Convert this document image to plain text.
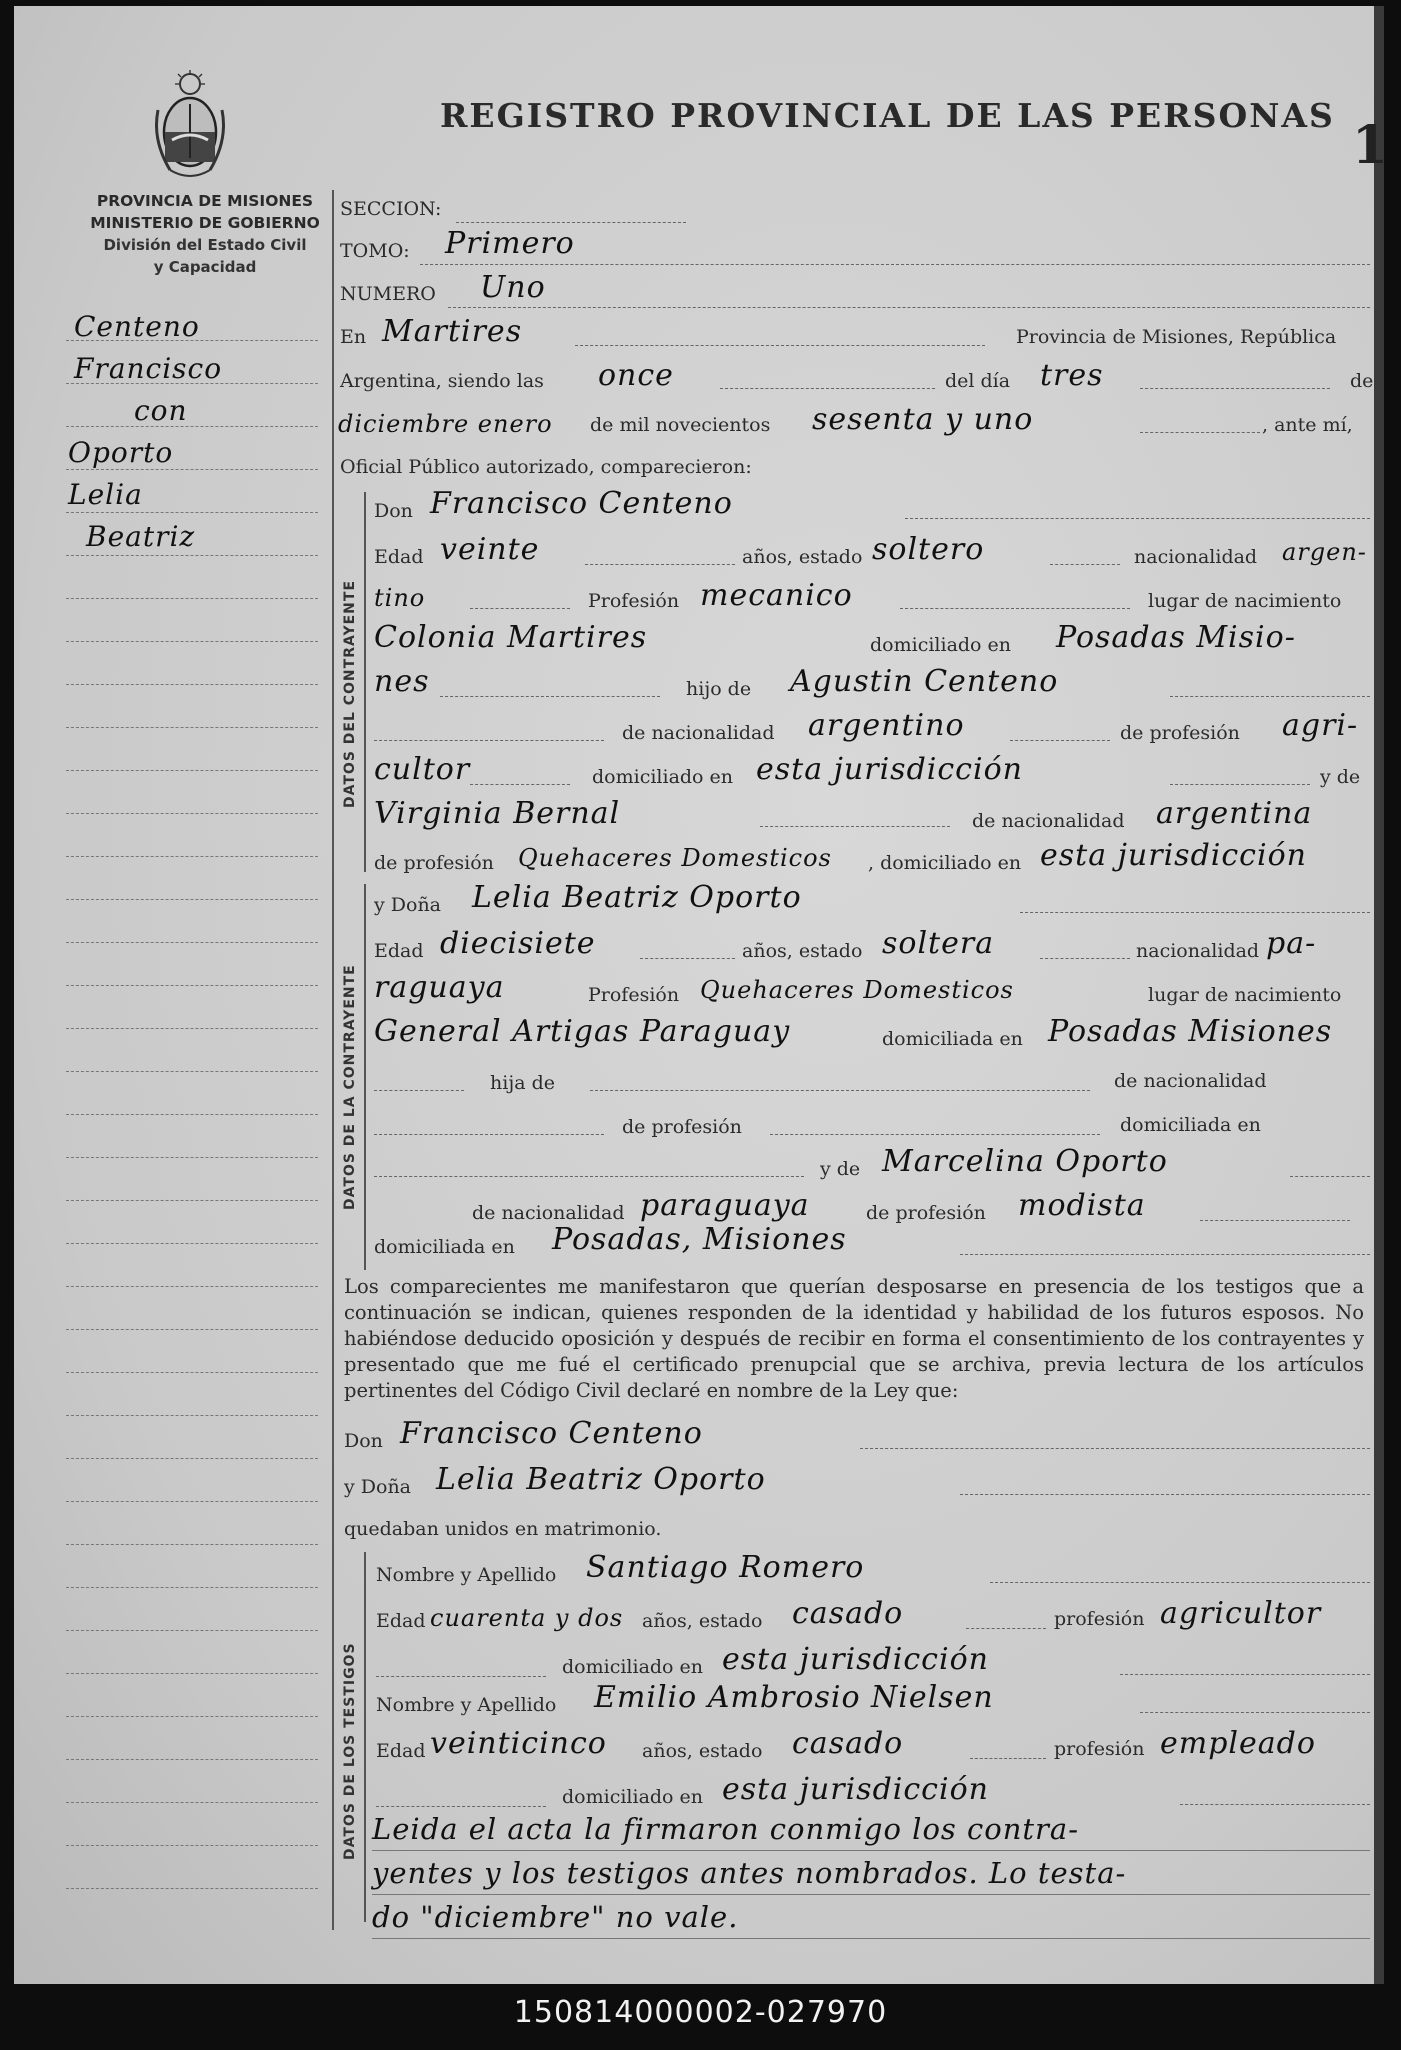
REGISTRO PROVINCIAL DE LAS PERSONAS 1
PROVINCIA DE MISIONES
MINISTERIO DE GOBIERNO
División del Estado Civil
y Capacidad
Centeno
Francisco
con
Oporto
Lelia
Beatriz
SECCION:
TOMO: Primero
NUMERO Uno
En Martires	Provincia de Misiones, República
Argentina, siendo las once	del día tres	de
diciembre enero de mil novecientos sesenta y uno	, ante mí,
Oficial Público autorizado, comparecieron:
DATOS DEL CONTRAYENTE
Don Francisco Centeno
Edad veinte	años, estado soltero	nacionalidad argen-
tino	Profesión mecanico	lugar de nacimiento
Colonia Martires	domiciliado en Posadas Misio-
nes	hijo de Agustin Centeno
de nacionalidad argentino	de profesión agri-
cultor	domiciliado en esta jurisdicción	y de
Virginia Bernal	de nacionalidad argentina
de profesión Quehaceres Domesticos , domiciliado en esta jurisdicción
DATOS DE LA CONTRAYENTE
y Doña Lelia Beatriz Oporto
Edad diecisiete	años, estado soltera	nacionalidad pa-
raguaya	Profesión Quehaceres Domesticos	lugar de nacimiento
General Artigas Paraguay	domiciliada en Posadas Misiones
hija de	de nacionalidad
de profesión	domiciliada en
y de Marcelina Oporto
de nacionalidad paraguaya	de profesión modista
domiciliada en Posadas, Misiones
Los comparecientes me manifestaron que querían desposarse en presencia de los testigos que a continuación se indican, quienes responden de la identidad y habilidad de los futuros esposos. No habiéndose deducido oposición y después de recibir en forma el consentimiento de los contrayentes y presentado que me fué el certificado prenupcial que se archiva, previa lectura de los artículos pertinentes del Código Civil declaré en nombre de la Ley que:
Don Francisco Centeno
y Doña Lelia Beatriz Oporto
quedaban unidos en matrimonio.
DATOS DE LOS TESTIGOS
Nombre y Apellido Santiago Romero
Edad cuarenta y dos años, estado casado	profesión agricultor
domiciliado en esta jurisdicción
Nombre y Apellido Emilio Ambrosio Nielsen
Edad veinticinco años, estado casado	profesión empleado
domiciliado en esta jurisdicción
Leida el acta la firmaron conmigo los contra-
yentes y los testigos antes nombrados. Lo testa-
do "diciembre" no vale.
150814000002-027970
